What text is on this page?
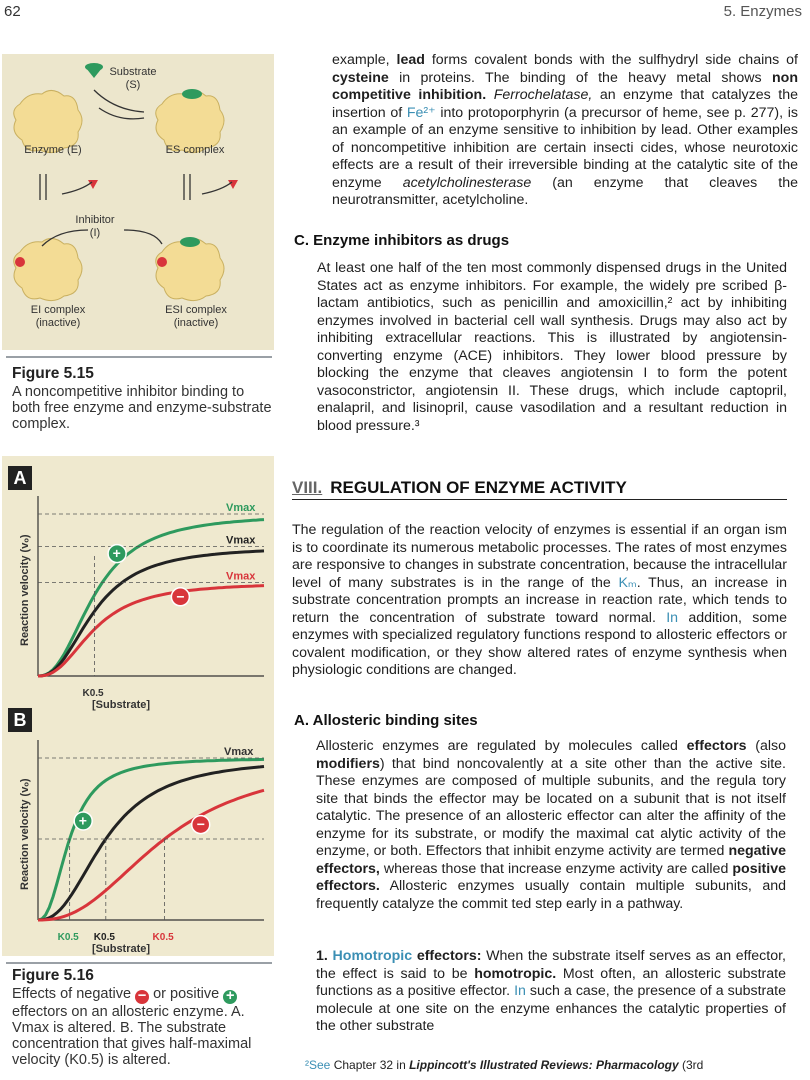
62	5. Enzymes
Substrate
(S)
Enzyme (E)	ES complex
Inhibitor
(I)
EI complex
(inactive)
ESI complex
(inactive)
Figure 5.15
A noncompetitive inhibitor binding to both free enzyme and enzyme-substrate complex.
Reaction velocity (vₒ)
[Substrate]
Vmax
Vmax
Vmax
K0.5
+
−
Reaction velocity (vₒ)
[Substrate]
K0.5 K0.5	K0.5
Vmax
+	−
A
B
Figure 5.16
Effects of negative − or positive + effectors on an allosteric enzyme. A. Vmax is altered. B. The substrate concentration that gives half-maximal velocity (K0.5) is altered.
example, lead forms covalent bonds with the sulfhydryl side chains of cysteine in proteins. The binding of the heavy metal shows non competitive inhibition. Ferrochelatase, an enzyme that catalyzes the insertion of Fe²⁺ into protoporphyrin (a precursor of heme, see p. 277), is an example of an enzyme sensitive to inhibition by lead. Other examples of noncompetitive inhibition are certain insecti cides, whose neurotoxic effects are a result of their irreversible binding at the catalytic site of the enzyme acetylcholinesterase (an enzyme that cleaves the neurotransmitter, acetylcholine.
C. Enzyme inhibitors as drugs
At least one half of the ten most commonly dispensed drugs in the United States act as enzyme inhibitors. For example, the widely pre scribed β-lactam antibiotics, such as penicillin and amoxicillin,² act by inhibiting enzymes involved in bacterial cell wall synthesis. Drugs may also act by inhibiting extracellular reactions. This is illustrated by angiotensin-converting enzyme (ACE) inhibitors. They lower blood pressure by blocking the enzyme that cleaves angiotensin I to form the potent vasoconstrictor, angiotensin II. These drugs, which include captopril, enalapril, and lisinopril, cause vasodilation and a resultant reduction in blood pressure.³
VIII. REGULATION OF ENZYME ACTIVITY
The regulation of the reaction velocity of enzymes is essential if an organ ism is to coordinate its numerous metabolic processes. The rates of most enzymes are responsive to changes in substrate concentration, because the intracellular level of many substrates is in the range of the Kₘ. Thus, an increase in substrate concentration prompts an increase in reaction rate, which tends to return the concentration of substrate toward normal. In addition, some enzymes with specialized regulatory functions respond to allosteric effectors or covalent modification, or they show altered rates of enzyme synthesis when physiologic conditions are changed.
A. Allosteric binding sites
Allosteric enzymes are regulated by molecules called effectors (also modifiers) that bind noncovalently at a site other than the active site. These enzymes are composed of multiple subunits, and the regula tory site that binds the effector may be located on a subunit that is not itself catalytic. The presence of an allosteric effector can alter the affinity of the enzyme for its substrate, or modify the maximal cat alytic activity of the enzyme, or both. Effectors that inhibit enzyme activity are termed negative effectors, whereas those that increase enzyme activity are called positive effectors. Allosteric enzymes usually contain multiple subunits, and frequently catalyze the commit ted step early in a pathway.
1. Homotropic effectors: When the substrate itself serves as an effector, the effect is said to be homotropic. Most often, an allosteric substrate functions as a positive effector. In such a case, the presence of a substrate molecule at one site on the enzyme enhances the catalytic properties of the other substrate
²See Chapter 32 in Lippincott's Illustrated Reviews: Pharmacology (3rd
